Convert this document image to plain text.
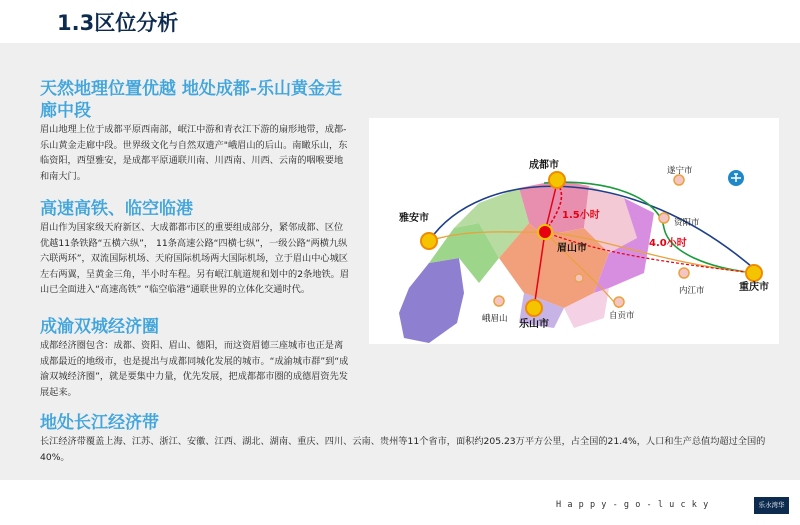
1.3区位分析
天然地理位置优越 地处成都-乐山黄金走廊中段
眉山地理上位于成都平原西南部，岷江中游和青衣江下游的扇形地带，成都-乐山黄金走廊中段。世界级文化与自然双遗产"峨眉山的后山。南瞰乐山，东临资阳，西望雅安，是成都平原通联川南、川西南、川西、云南的咽喉要地和南大门。
高速高铁、临空临港
眉山作为国家级天府新区、大成都都市区的重要组成部分，紧邻成都、区位优越11条铁路“五横六纵”， 11条高速公路“四横七纵”，一级公路“两横九纵六联两环”，双流国际机场、天府国际机场两大国际机场，立于眉山中心城区左右两翼，呈黄金三角，半小时车程。另有岷江航道规和划中的2条地铁。眉山已全面进入“高速高铁” “临空临港”通联世界的立体化交通时代。
成渝双城经济圈
成都经济圈包含：成都、资阳、眉山、德阳，而这资眉德三座城市也正是离成都最近的地级市，也是提出与成都同城化发展的城市。“成渝城市群”到“成渝双城经济圈”，就是要集中力量，优先发展，把成都都市圈的成德眉资先发展起来。
地处长江经济带
长江经济带覆盖上海、江苏、浙江、安徽、江西、湖北、湖南、重庆、四川、云南、贵州等11个省市，面积约205.23万平方公里，占全国的21.4%，人口和生产总值均超过全国的40%。
成都市	遂宁市
雅安市	资阳市
眉山市
内江市	重庆市
峨眉山 乐山市
自贡市
1.5小时
4.0小时
Happy-go-lucky	乐水湾华
